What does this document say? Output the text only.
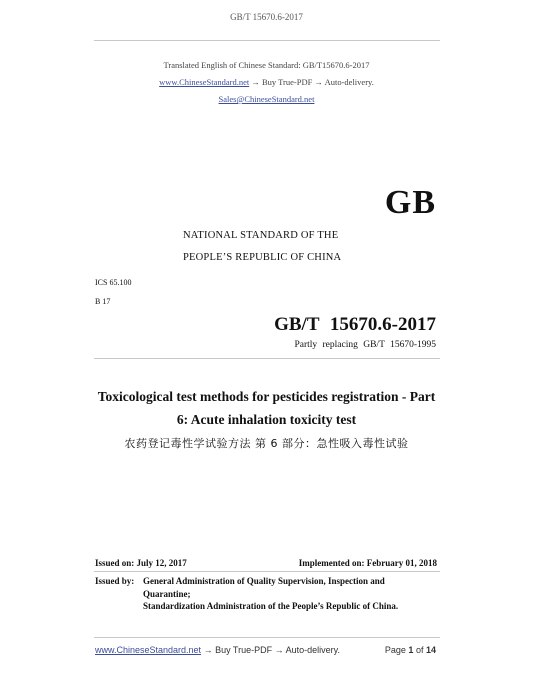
GB/T 15670.6-2017
Translated English of Chinese Standard: GB/T15670.6-2017
www.ChineseStandard.net → Buy True-PDF → Auto-delivery.
Sales@ChineseStandard.net
GB
NATIONAL STANDARD OF THE
PEOPLE’S REPUBLIC OF CHINA
ICS 65.100
B 17
GB/T 15670.6-2017
Partly replacing GB/T 15670-1995
Toxicological test methods for pesticides registration - Part
6: Acute inhalation toxicity test
农药登记毒性学试验方法 第 6 部分：急性吸入毒性试验
Issued on: July 12, 2017	Implemented on: February 01, 2018
Issued by: General Administration of Quality Supervision, Inspection and
Quarantine;
Standardization Administration of the People’s Republic of China.
www.ChineseStandard.net → Buy True-PDF → Auto-delivery.	Page 1 of 14
